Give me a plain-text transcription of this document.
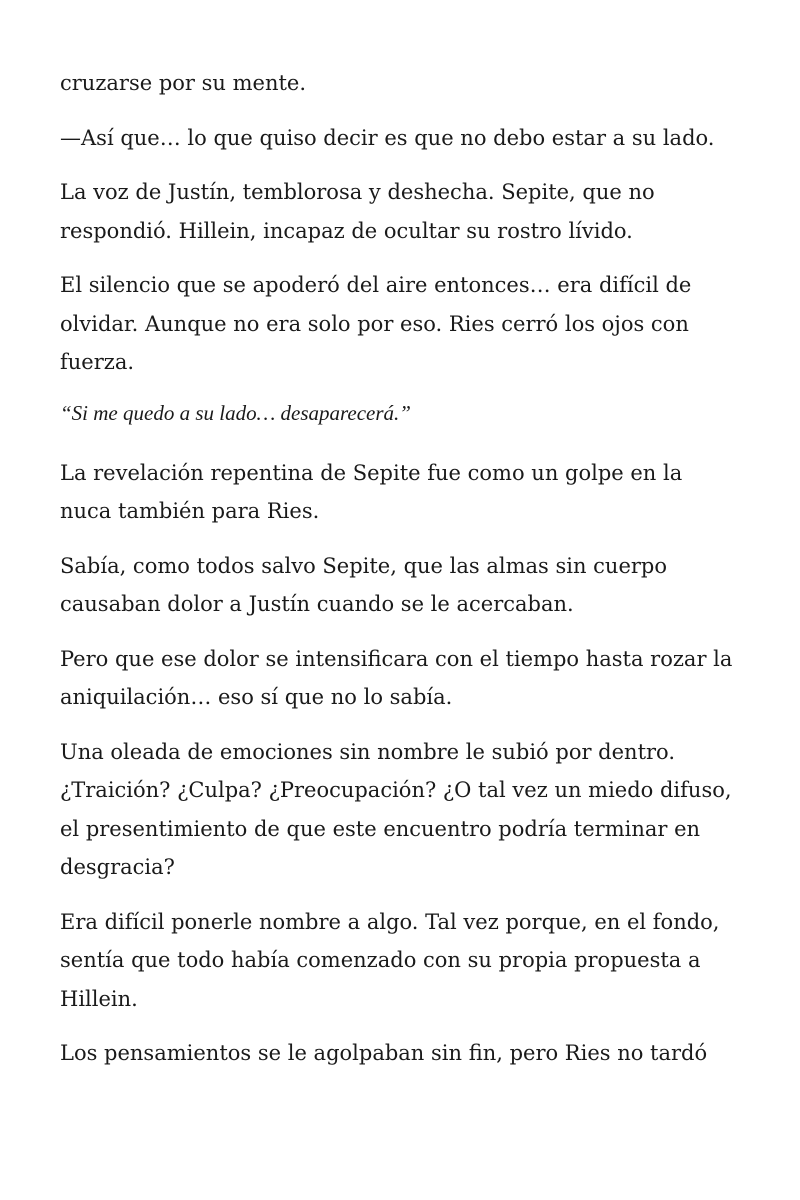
cruzarse por su mente.

—Así que… lo que quiso decir es que no debo estar a su lado.

La voz de Justín, temblorosa y deshecha. Sepite, que no respondió. Hillein, incapaz de ocultar su rostro lívido.

El silencio que se apoderó del aire entonces… era difícil de olvidar. Aunque no era solo por eso. Ries cerró los ojos con fuerza.

“Si me quedo a su lado… desaparecerá.”

La revelación repentina de Sepite fue como un golpe en la nuca también para Ries.

Sabía, como todos salvo Sepite, que las almas sin cuerpo causaban dolor a Justín cuando se le acercaban.

Pero que ese dolor se intensificara con el tiempo hasta rozar la aniquilación… eso sí que no lo sabía.

Una oleada de emociones sin nombre le subió por dentro. ¿Traición? ¿Culpa? ¿Preocupación? ¿O tal vez un miedo difuso, el presentimiento de que este encuentro podría terminar en desgracia?

Era difícil ponerle nombre a algo. Tal vez porque, en el fondo, sentía que todo había comenzado con su propia propuesta a Hillein.

Los pensamientos se le agolpaban sin fin, pero Ries no tardó
